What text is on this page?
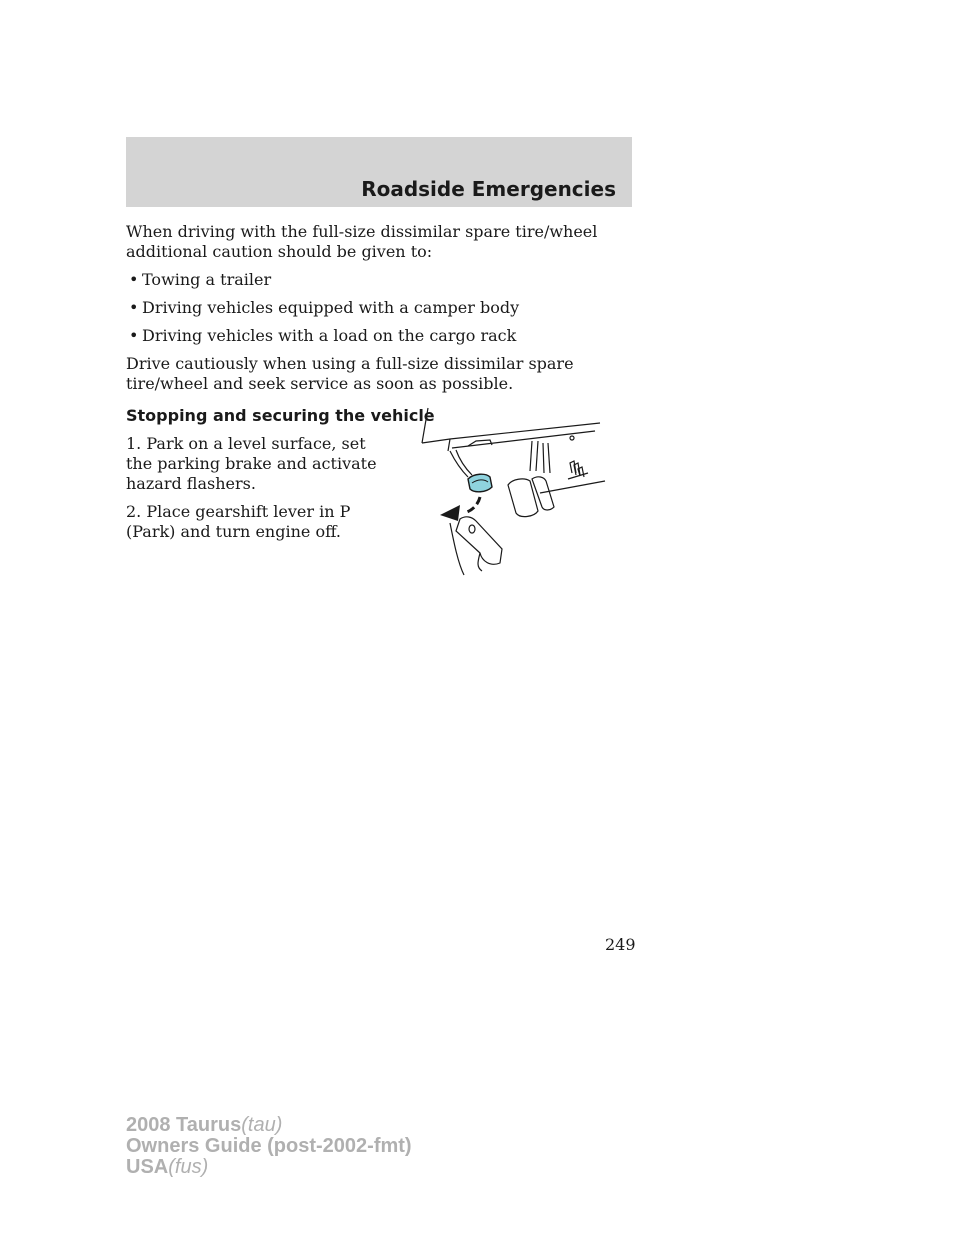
Roadside Emergencies

When driving with the full-size dissimilar spare tire/wheel additional caution should be given to:

• Towing a trailer
• Driving vehicles equipped with a camper body
• Driving vehicles with a load on the cargo rack

Drive cautiously when using a full-size dissimilar spare tire/wheel and seek service as soon as possible.

Stopping and securing the vehicle

1. Park on a level surface, set the parking brake and activate hazard flashers.

2. Place gearshift lever in P (Park) and turn engine off.

249
2008 Taurus(tau)
Owners Guide (post-2002-fmt)
USA(fus)
